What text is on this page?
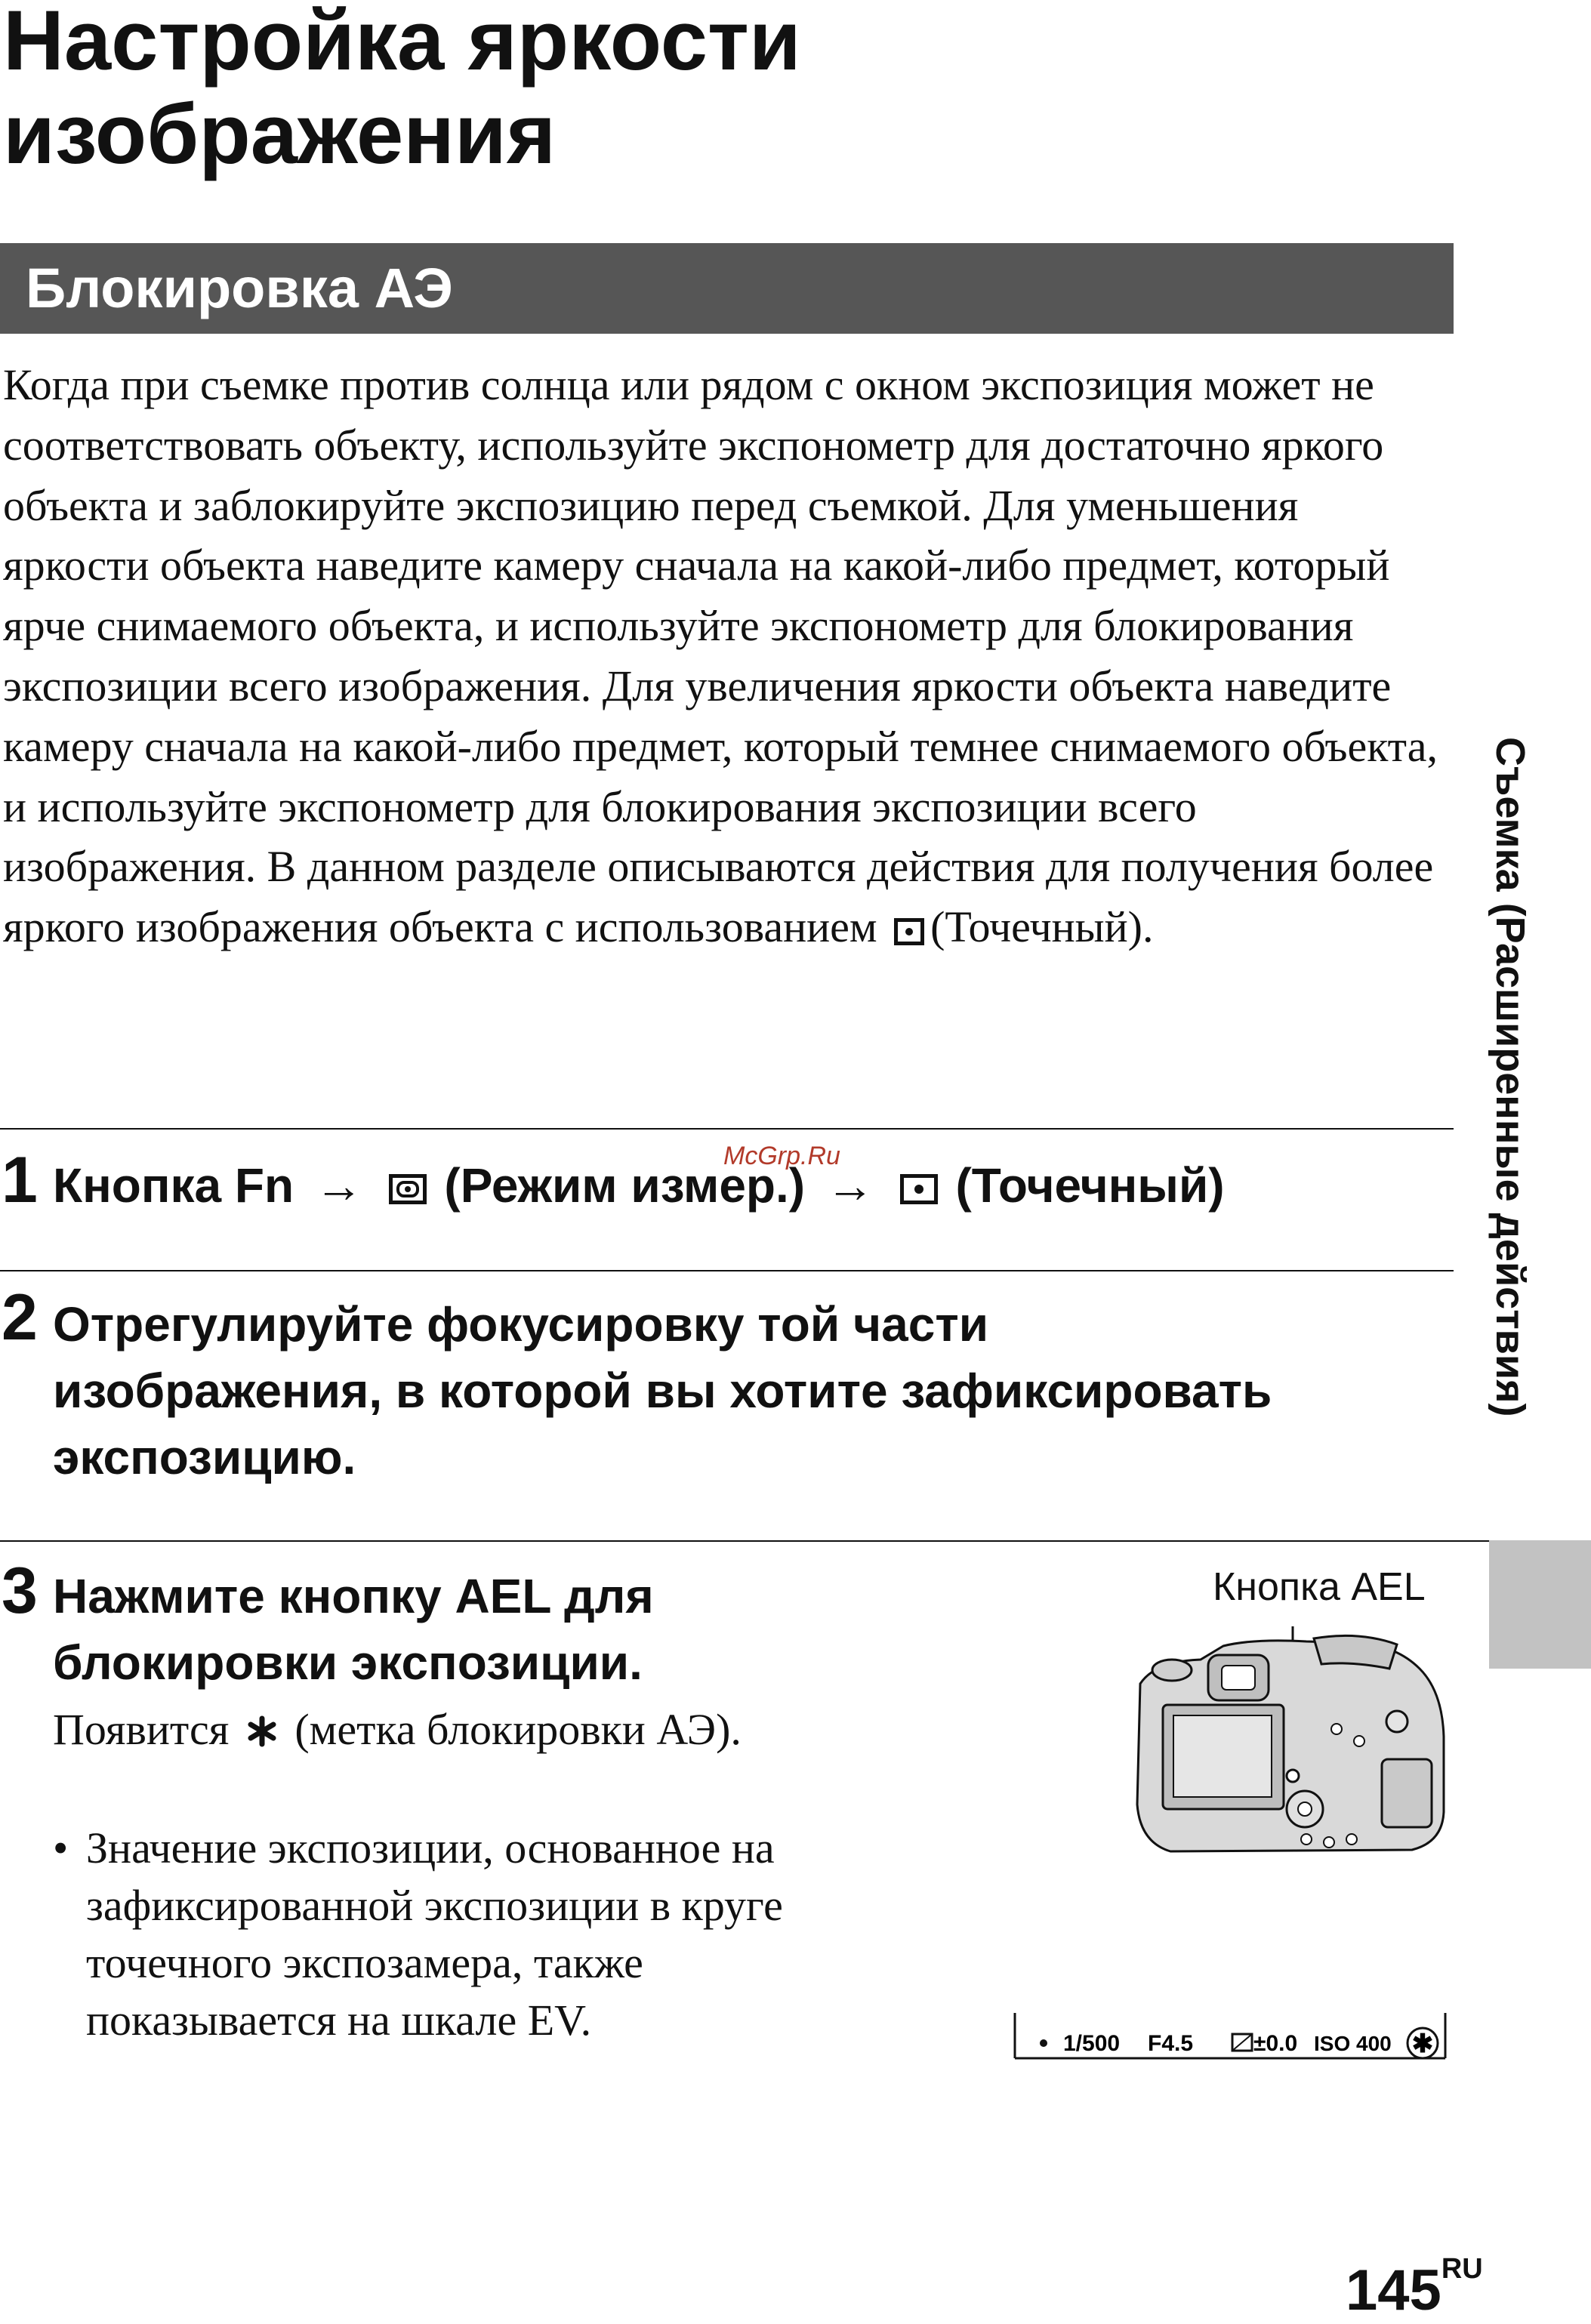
Настройка яркости
изображения
Блокировка АЭ
Когда при съемке против солнца или рядом с окном экспозиция может не соответствовать объекту, используйте экспонометр для достаточно яркого объекта и заблокируйте экспозицию перед съемкой. Для уменьшения яркости объекта наведите камеру сначала на какой-либо предмет, который ярче снимаемого объекта, и используйте экспонометр для блокирования экспозиции всего изображения. Для увеличения яркости объекта наведите камеру сначала на какой-либо предмет, который темнее снимаемого объекта, и используйте экспонометр для блокирования экспозиции всего изображения. В данном разделе описываются действия для получения более яркого изображения объекта с использованием (Точечный).
1 Кнопка Fn → (Режим измер.) → (Точечный)
2 Отрегулируйте фокусировку той части
изображения, в которой вы хотите зафиксировать
экспозицию.
3 Нажмите кнопку AEL для
блокировки экспозиции.
Появится (метка блокировки АЭ).
• Значение экспозиции, основанное на зафиксированной экспозиции в круге точечного экспозамера, также показывается на шкале EV.
Кнопка AEL
1/500 F4.5	±0.0 ISO 400 ✱
Съемка (Расширенные действия)
McGrp.Ru
$145^{RU}$
